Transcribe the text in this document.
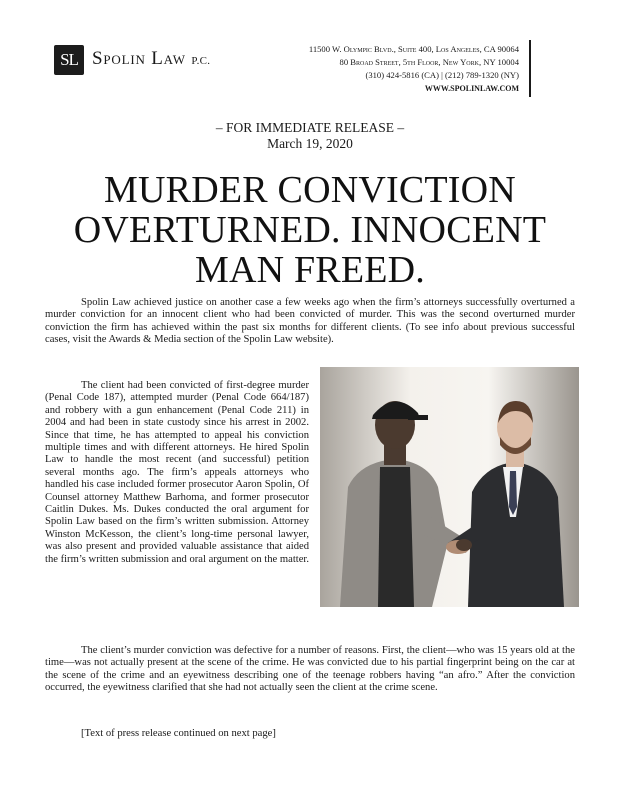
SL Spolin Law P.C.
11500 W. Olympic Blvd., Suite 400, Los Angeles, CA 90064
80 Broad Street, 5th Floor, New York, NY 10004
(310) 424-5816 (CA) | (212) 789-1320 (NY)
WWW.SPOLINLAW.COM
– FOR IMMEDIATE RELEASE –
March 19, 2020
MURDER CONVICTION OVERTURNED. INNOCENT MAN FREED.

Spolin Law achieved justice on another case a few weeks ago when the firm’s attorneys successfully overturned a murder conviction for an innocent client who had been convicted of murder. This was the second overturned murder conviction the firm has achieved within the past six months for different clients. (To see info about previous successful cases, visit the Awards & Media section of the Spolin Law website).

The client had been convicted of first-degree murder (Penal Code 187), attempted murder (Penal Code 664/187) and robbery with a gun enhancement (Penal Code 211) in 2004 and had been in state custody since his arrest in 2002. Since that time, he has attempted to appeal his conviction multiple times and with different attorneys. He hired Spolin Law to handle the most recent (and successful) petition several months ago. The firm’s appeals attorneys who handled his case included former prosecutor Aaron Spolin, Of Counsel attorney Matthew Barhoma, and former prosecutor Caitlin Dukes. Ms. Dukes conducted the oral argument for Spolin Law based on the firm’s written submission. Attorney Winston McKesson, the client’s long-time personal lawyer, was also present and provided valuable assistance that aided the firm’s written submission and oral argument on the matter.

The client’s murder conviction was defective for a number of reasons. First, the client—who was 15 years old at the time—was not actually present at the scene of the crime. He was convicted due to his partial fingerprint being on the car at the scene of the crime and an eyewitness describing one of the teenage robbers having “an afro.” After the conviction occurred, the eyewitness clarified that she had not actually seen the client at the crime scene.

[Text of press release continued on next page]
